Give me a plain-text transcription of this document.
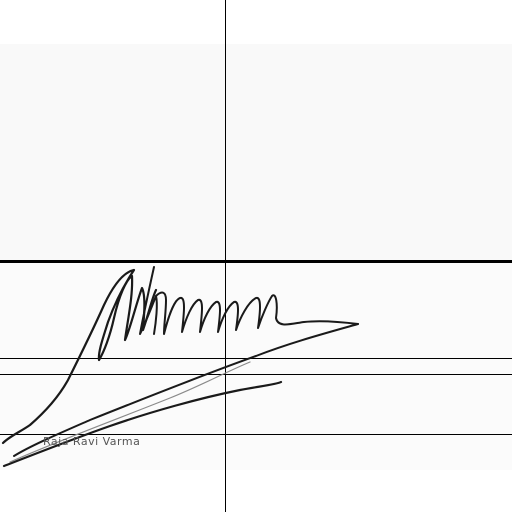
Raja Ravi Varma
